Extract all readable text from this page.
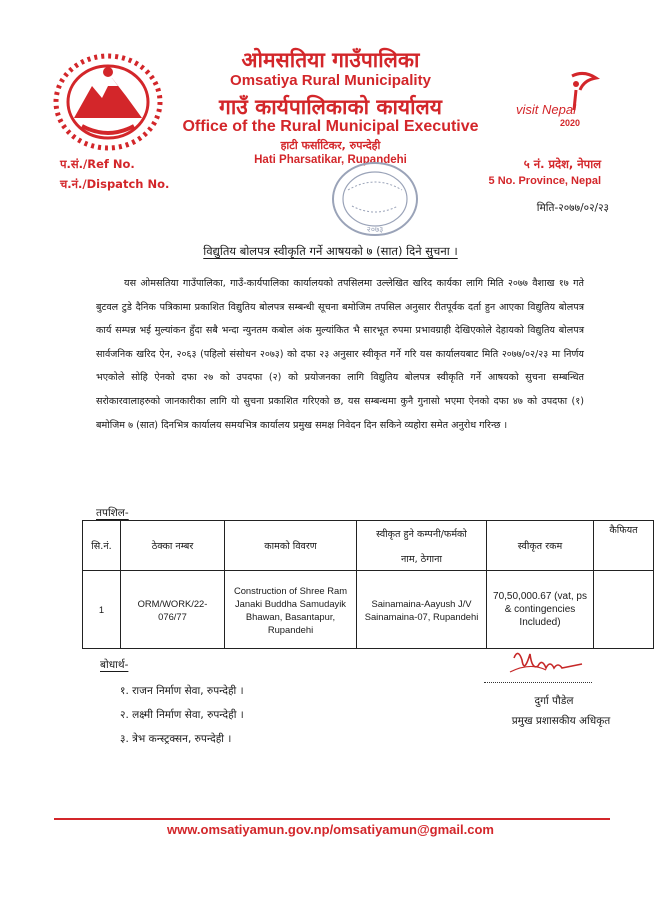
visit Nepal
2020
ओमसतिया गाउँपालिका
Omsatiya Rural Municipality
गाउँ कार्यपालिकाको कार्यालय
Office of the Rural Municipal Executive
हाटी फर्साटिकर, रुपन्देही
Hati Pharsatikar, Rupandehi
प.सं./Ref No.
च.नं./Dispatch No.
५ नं. प्रदेश, नेपाल
5 No. Province, Nepal
मिति-२०७७/०२/२३
२०७३
विद्युतिय बोलपत्र स्वीकृति गर्ने आषयको ७ (सात) दिने सुचना ।
यस ओमसतिया गाउँपालिका, गाउँ-कार्यपालिका कार्यालयको तपसिलमा उल्लेखित खरिद कार्यका लागि मिति २०७७ वैशाख १७ गते बुटवल टुडे दैनिक पत्रिकामा प्रकाशित विद्युतिय बोलपत्र सम्बन्धी सूचना बमोजिम तपसिल अनुसार रीतपूर्वक दर्ता हुन आएका विद्युतिय बोलपत्र कार्य सम्पन्न भई मुल्यांकन हुँदा सबै भन्दा न्युनतम कबोल अंक मुल्यांकित भै सारभूत रुपमा प्रभावग्राही देखिएकोले देहायको विद्युतिय बोलपत्र सार्वजनिक खरिद ऐन, २०६३ (पहिलो संसोधन २०७३) को दफा २३ अनुसार स्वीकृत गर्ने गरि यस कार्यालयबाट मिति २०७७/०२/२३ मा निर्णय भएकोले सोहि ऐनको दफा २७ को उपदफा (२) को प्रयोजनका लागि विद्युतिय बोलपत्र स्वीकृति गर्ने आषयको सुचना सम्बन्धित सरोकारवालाहरुको जानकारीका लागि यो सुचना प्रकाशित गरिएको छ, यस सम्बन्धमा कुनै गुनासो भएमा ऐनको दफा ४७ को उपदफा (१) बमोजिम ७ (सात) दिनभित्र कार्यालय समयभित्र कार्यालय प्रमुख समक्ष निवेदन दिन सकिने व्यहोरा समेत अनुरोध गरिन्छ ।
तपशिल-
सि.नं.	ठेक्का नम्बर	कामको विवरण	स्वीकृत हुने कम्पनी/फर्मको
नाम, ठेगाना	स्वीकृत रकम	कैफियत
1	ORM/WORK/22-076/77	Construction of Shree Ram Janaki Buddha Samudayik Bhawan, Basantapur, Rupandehi	Sainamaina-Aayush J/V Sainamaina-07, Rupandehi	70,50,000.67 (vat, ps & contingencies Included)	
बोधार्थ-
१. राजन निर्माण सेवा, रुपन्देही ।
२. लक्ष्मी निर्माण सेवा, रुपन्देही ।
३. त्रेभ कन्स्ट्रक्सन, रुपन्देही ।
दुर्गा पौडेल
प्रमुख प्रशासकीय अधिकृत
www.omsatiyamun.gov.np/omsatiyamun@gmail.com
